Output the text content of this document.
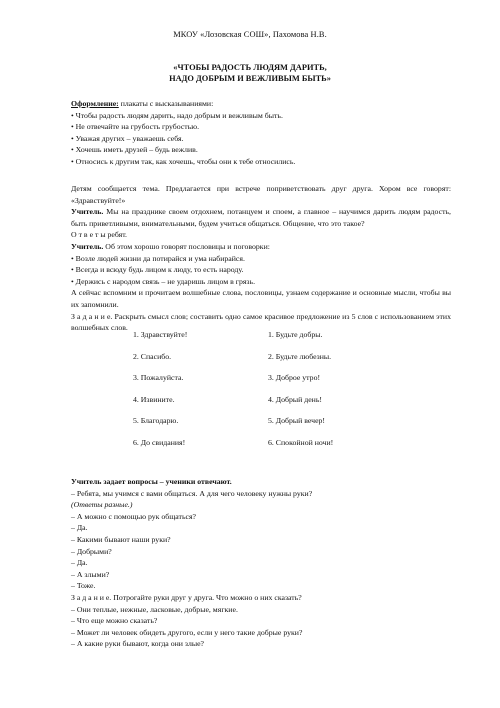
МКОУ «Лозовская СОШ», Пахомова Н.В.
«ЧТОБЫ РАДОСТЬ ЛЮДЯМ ДАРИТЬ,
НАДО ДОБРЫМ И ВЕЖЛИВЫМ БЫТЬ»

Оформление: плакаты с высказываниями:

• Чтобы радость людям дарить, надо добрым и вежливым быть.

• Не отвечайте на грубость грубостью.

• Уважая других – уважаешь себя.

• Хочешь иметь друзей – будь вежлив.

• Относись к другим так, как хочешь, чтобы они к тебе относились.

Детям сообщается тема. Предлагается при встрече поприветствовать друг друга. Хором все говорят: «Здравствуйте!»

Учитель. Мы на празднике своем отдохнем, потанцуем и споем, а главное – научимся дарить людям радость, быть приветливыми, внимательными, будем учиться общаться. Общение, что это такое?

О т в е т ы ребят.

Учитель. Об этом хорошо говорят пословицы и поговорки:

• Возле людей жизни да потирайся и ума набирайся.

• Всегда и всюду будь лицом к люду, то есть народу.

• Держись с народом связь – не ударишь лицом в грязь.

А сейчас вспомним и прочитаем волшебные слова, пословицы, узнаем содержание и основные мысли, чтобы вы их запомнили.

З а д а н и е. Раскрыть смысл слов; составить одно самое красивое предложение из 5 слов с использованием этих волшебных слов.

1. Здравствуйте!	1. Будьте добры.
2. Спасибо.	2. Будьте любезны.
3. Пожалуйста.	3. Доброе утро!
4. Извините.	4. Добрый день!
5. Благодарю.	5. Добрый вечер!
6. До свидания!	6. Спокойной ночи!

Учитель задает вопросы – ученики отвечают.

– Ребята, мы учимся с вами общаться. А для чего человеку нужны руки?

(Ответы разные.)

– А можно с помощью рук общаться?

– Да.

– Какими бывают наши руки?

– Добрыми?

– Да.

– А злыми?

– Тоже.

З а д а н и е. Потрогайте руки друг у друга. Что можно о них сказать?

– Они теплые, нежные, ласковые, добрые, мягкие.

– Что еще можно сказать?

– Может ли человек обидеть другого, если у него такие добрые руки?

– А какие руки бывают, когда они злые?
